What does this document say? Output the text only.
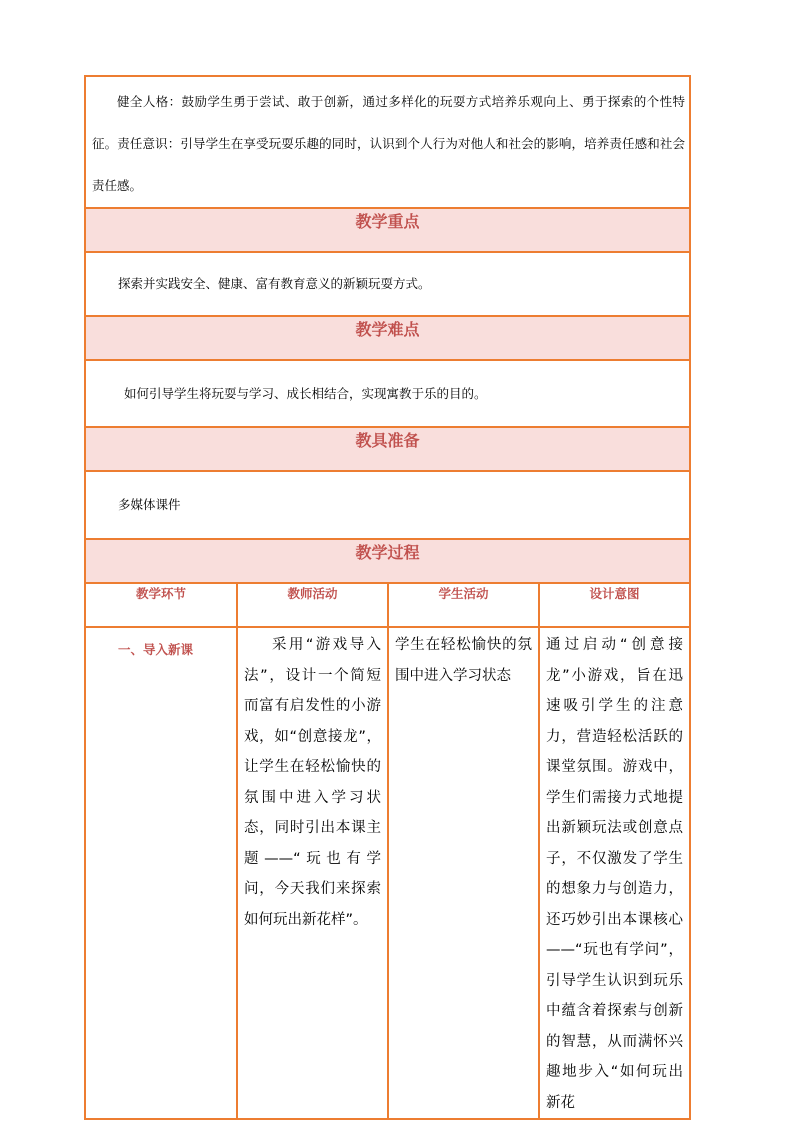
健全人格：鼓励学生勇于尝试、敢于创新，通过多样化的玩耍方式培养乐观向上、勇于探索的个性特征。责任意识：引导学生在享受玩耍乐趣的同时，认识到个人行为对他人和社会的影响，培养责任感和社会责任感。			

教学重点			

探索并实践安全、健康、富有教育意义的新颖玩耍方式。			

教学难点			

如何引导学生将玩耍与学习、成长相结合，实现寓教于乐的目的。			

教具准备			

多媒体课件			

教学过程			
教学环节	教师活动	学生活动	设计意图

一、导入新课	采用“游戏导入法”，设计一个简短而富有启发性的小游戏，如“创意接龙”，让学生在轻松愉快的氛围中进入学习状态，同时引出本课主题——“玩也有学问，今天我们来探索如何玩出新花样”。	学生在轻松愉快的氛围中进入学习状态	通过启动“创意接龙”小游戏，旨在迅速吸引学生的注意力，营造轻松活跃的课堂氛围。游戏中，学生们需接力式地提出新颖玩法或创意点子，不仅激发了学生的想象力与创造力，还巧妙引出本课核心——“玩也有学问”，引导学生认识到玩乐中蕴含着探索与创新的智慧，从而满怀兴趣地步入“如何玩出新花
